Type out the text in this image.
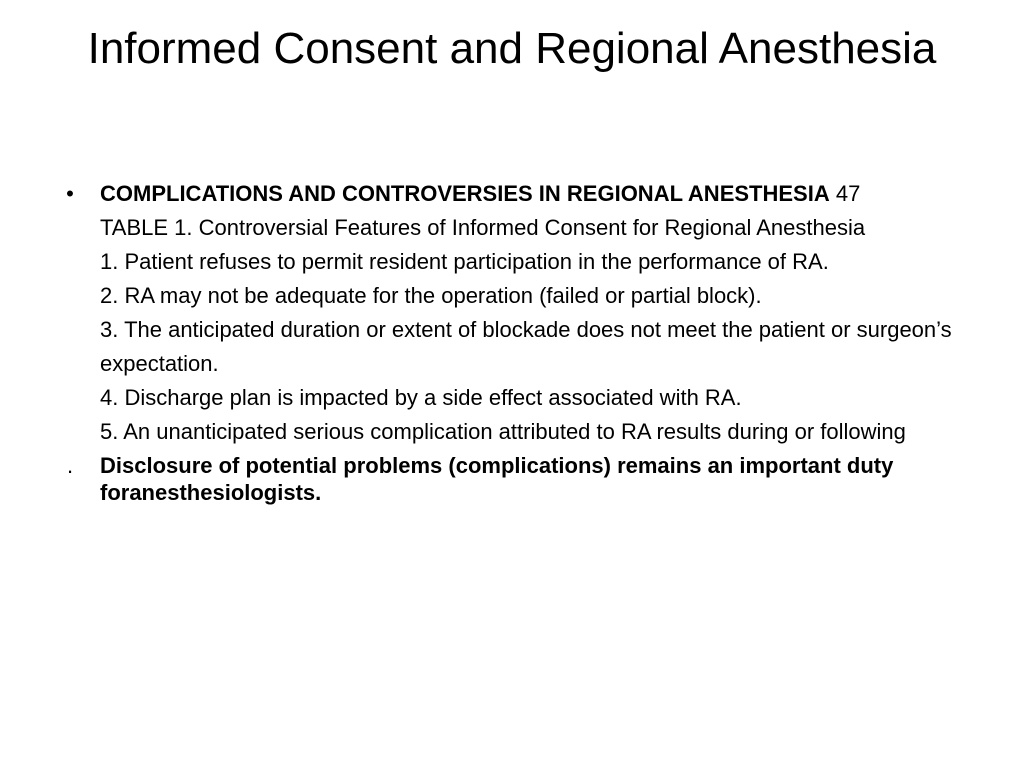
Informed Consent and Regional Anesthesia
• COMPLICATIONS AND CONTROVERSIES IN REGIONAL ANESTHESIA 47
TABLE 1. Controversial Features of Informed Consent for Regional Anesthesia
1. Patient refuses to permit resident participation in the performance of RA.
2. RA may not be adequate for the operation (failed or partial block).
3. The anticipated duration or extent of blockade does not meet the patient or surgeon’s
expectation.
4. Discharge plan is impacted by a side effect associated with RA.
5. An unanticipated serious complication attributed to RA results during or following
.	Disclosure of potential problems (complications) remains an important duty foranesthesiologists.
